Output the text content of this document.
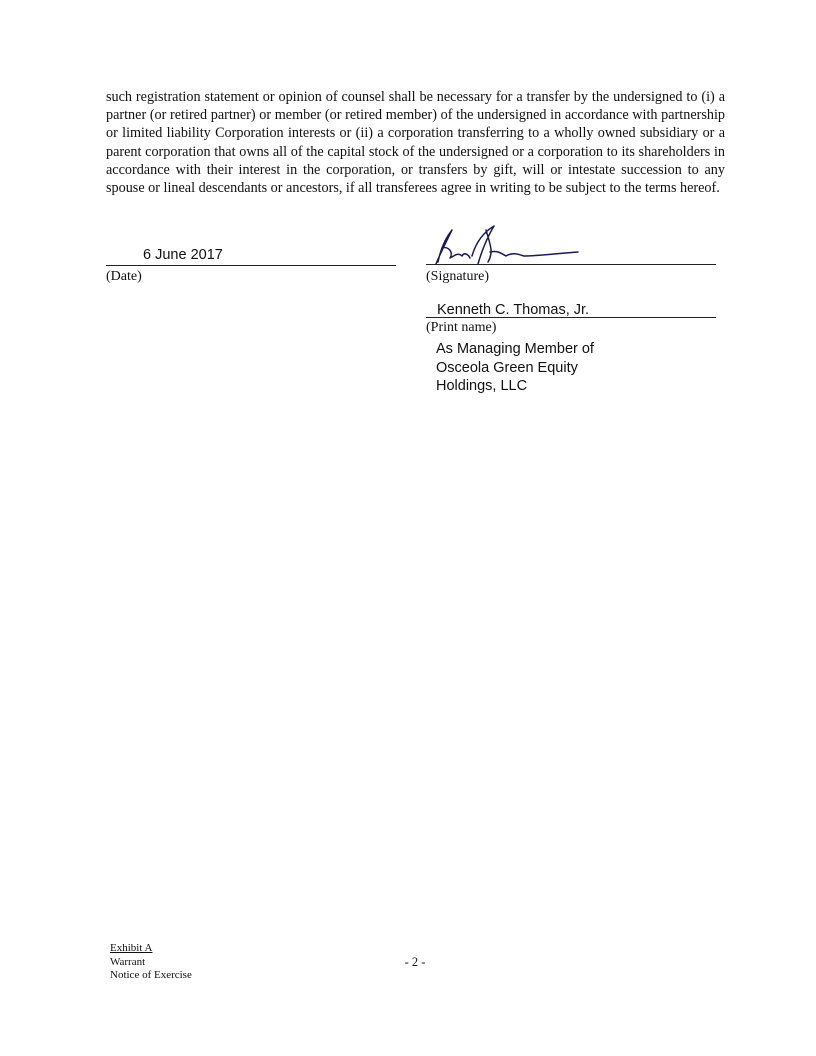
such registration statement or opinion of counsel shall be necessary for a transfer by the undersigned to (i) a partner (or retired partner) or member (or retired member) of the undersigned in accordance with partnership or limited liability Corporation interests or (ii) a corporation transferring to a wholly owned subsidiary or a parent corporation that owns all of the capital stock of the undersigned or a corporation to its shareholders in accordance with their interest in the corporation, or transfers by gift, will or intestate succession to any spouse or lineal descendants or ancestors, if all transferees agree in writing to be subject to the terms hereof.

6 June 2017
(Date)	(Signature)
Kenneth C. Thomas, Jr.
(Print name)
As Managing Member of
Osceola Green Equity
Holdings, LLC
Exhibit A
Warrant
Notice of Exercise
- 2 -
